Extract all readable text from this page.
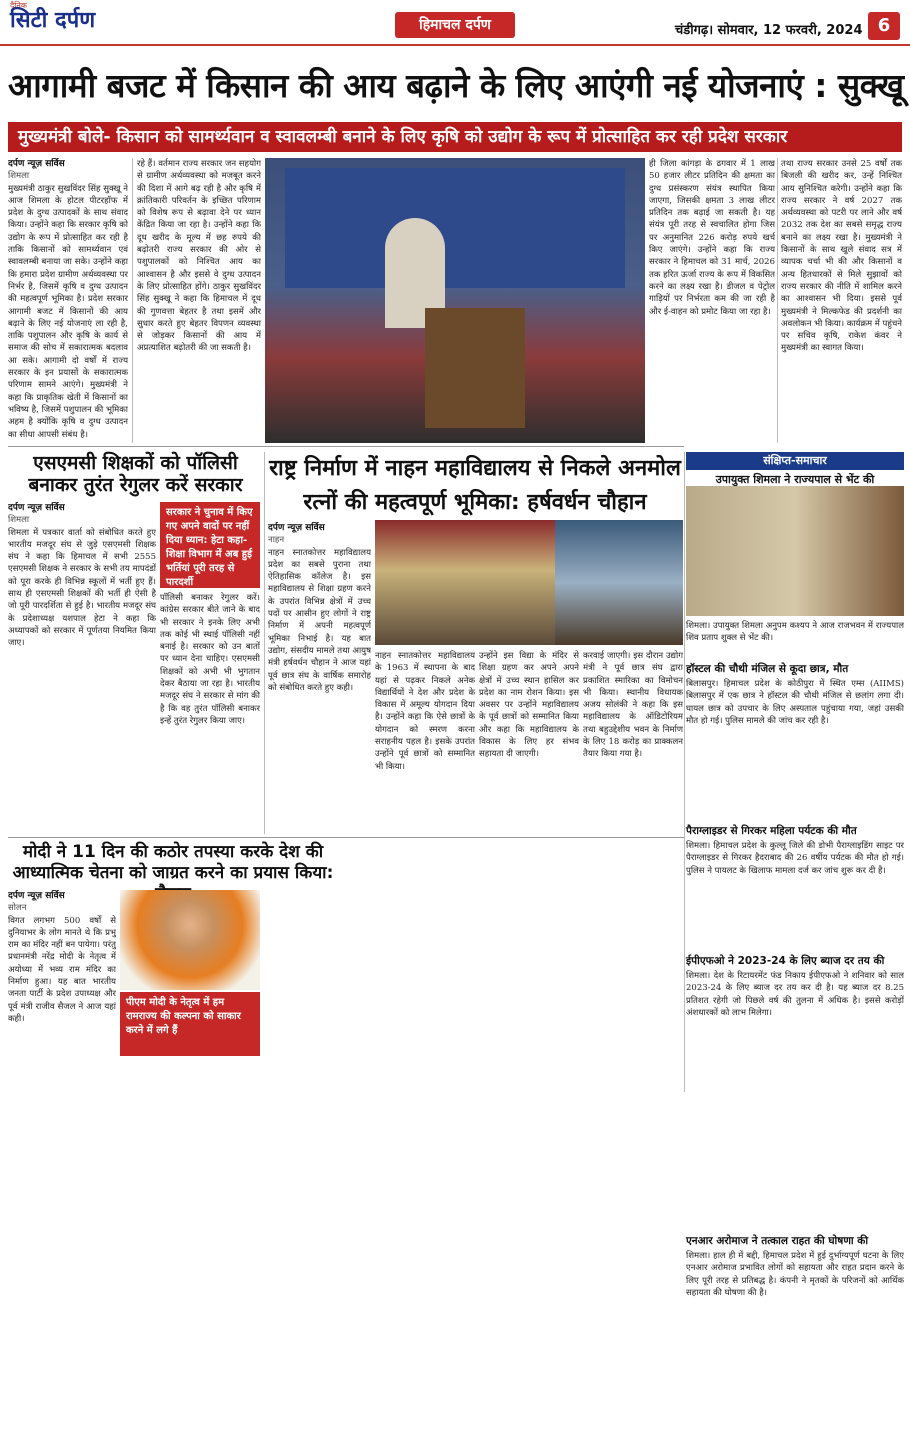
दैनिक
सिटी दर्पण	हिमाचल दर्पण	चंडीगढ़। सोमवार, 12 फरवरी, 2024 6
आगामी बजट में किसान की आय बढ़ाने के लिए आएंगी नई योजनाएं : सुक्खू
मुख्यमंत्री बोले- किसान को सामर्थ्यवान व स्वावलम्बी बनाने के लिए कृषि को उद्योग के रूप में प्रोत्साहित कर रही प्रदेश सरकार
दर्पण न्यूज़ सर्विस
शिमला
मुख्यमंत्री ठाकुर सुखविंदर सिंह सुक्खू ने आज शिमला के होटल पीटरहॉफ में प्रदेश के दुग्ध उत्पादकों के साथ संवाद किया। उन्होंने कहा कि सरकार कृषि को उद्योग के रूप में प्रोत्साहित कर रही है ताकि किसानों को सामर्थ्यवान एवं स्वावलम्बी बनाया जा सके। उन्होंने कहा कि हमारा प्रदेश ग्रामीण अर्थव्यवस्था पर निर्भर है, जिसमें कृषि व दुग्ध उत्पादन की महत्वपूर्ण भूमिका है। प्रदेश सरकार आगामी बजट में किसानों की आय बढ़ाने के लिए नई योजनाएं ला रही है, ताकि पशुपालन और कृषि के कार्य से समाज की सोच में सकारात्मक बदलाव आ सके। आगामी दो वर्षों में राज्य सरकार के इन प्रयासों के सकारात्मक परिणाम सामने आएंगे। मुख्यमंत्री ने कहा कि प्राकृतिक खेती में किसानों का भविष्य है, जिसमें पशुपालन की भूमिका अहम है क्योंकि कृषि व दुग्ध उत्पादन का सीधा आपसी संबंध है।
रहे हैं। वर्तमान राज्य सरकार जन सहयोग से ग्रामीण अर्थव्यवस्था को मजबूत करने की दिशा में आगे बढ़ रही है और कृषि में क्रांतिकारी परिवर्तन के इच्छित परिणाम को विशेष रूप से बढ़ावा देने पर ध्यान केंद्रित किया जा रहा है। उन्होंने कहा कि दूध खरीद के मूल्य में छह रुपये की बढ़ोतरी राज्य सरकार की ओर से पशुपालकों को निश्चित आय का आश्वासन है और इससे वे दुग्ध उत्पादन के लिए प्रोत्साहित होंगे। ठाकुर सुखविंदर सिंह सुक्खू ने कहा कि हिमाचल में दूध की गुणवत्ता बेहतर है तथा इसमें और सुधार करते हुए बेहतर विपणन व्यवस्था से जोड़कर किसानों की आय में अप्रत्याशित बढ़ोतरी की जा सकती है।
ही जिला कांगड़ा के ढगवार में 1 लाख 50 हजार लीटर प्रतिदिन की क्षमता का दुग्ध प्रसंस्करण संयंत्र स्थापित किया जाएगा, जिसकी क्षमता 3 लाख लीटर प्रतिदिन तक बढ़ाई जा सकती है। यह संयंत्र पूरी तरह से स्वचालित होगा जिस पर अनुमानित 226 करोड़ रुपये खर्च किए जाएंगे। उन्होंने कहा कि राज्य सरकार ने हिमाचल को 31 मार्च, 2026 तक हरित ऊर्जा राज्य के रूप में विकसित करने का लक्ष्य रखा है। डीजल व पेट्रोल गाड़ियों पर निर्भरता कम की जा रही है और ई-वाहन को प्रमोट किया जा रहा है।
तथा राज्य सरकार उनसे 25 वर्षों तक बिजली की खरीद कर, उन्हें निश्चित आय सुनिश्चित करेगी। उन्होंने कहा कि राज्य सरकार ने वर्ष 2027 तक अर्थव्यवस्था को पटरी पर लाने और वर्ष 2032 तक देश का सबसे समृद्ध राज्य बनाने का लक्ष्य रखा है। मुख्यमंत्री ने किसानों के साथ खुले संवाद सत्र में व्यापक चर्चा भी की और किसानों व अन्य हितधारकों से मिले सुझावों को राज्य सरकार की नीति में शामिल करने का आश्वासन भी दिया। इससे पूर्व मुख्यमंत्री ने मिल्कफेड की प्रदर्शनी का अवलोकन भी किया। कार्यक्रम में पहुंचने पर सचिव कृषि, राकेश कंवर ने मुख्यमंत्री का स्वागत किया।
एसएमसी शिक्षकों को पॉलिसी बनाकर तुरंत रेगुलर करें सरकार
दर्पण न्यूज़ सर्विस
शिमला
शिमला में पत्रकार वार्ता को संबोधित करते हुए भारतीय मजदूर संघ से जुड़े एसएमसी शिक्षक संघ ने कहा कि हिमाचल में सभी 2555 एसएमसी शिक्षक ने सरकार के सभी तय मापदंडों को पूरा करके ही विभिन्न स्कूलों में भर्ती हुए हैं। साथ ही एसएमसी शिक्षकों की भर्ती ही ऐसी है जो पूरी पारदर्शिता से हुई है। भारतीय मजदूर संघ के प्रदेशाध्यक्ष यशपाल हेटा ने कहा कि अध्यापकों को सरकार में पूर्णतया नियमित किया जाए।
सरकार ने चुनाव में किए गए अपने वादों पर नहीं दिया ध्यान: हेटा कहा- शिक्षा विभाग में अब हुई भर्तियां पूरी तरह से पारदर्शी
पॉलिसी बनाकर रेगुलर करें। कांग्रेस सरकार बीते जाने के बाद भी सरकार ने इनके लिए अभी तक कोई भी स्थाई पॉलिसी नहीं बनाई है। सरकार को उन बातों पर ध्यान देना चाहिए। एसएमसी शिक्षकों को अभी भी भुगतान देकर बैठाया जा रहा है। भारतीय मजदूर संघ ने सरकार से मांग की है कि वह तुरंत पॉलिसी बनाकर इन्हें तुरंत रेगुलर किया जाए।
राष्ट्र निर्माण में नाहन महाविद्यालय से निकले अनमोल रत्नों की महत्वपूर्ण भूमिका: हर्षवर्धन चौहान
दर्पण न्यूज़ सर्विस
नाहन
नाहन स्नातकोत्तर महाविद्यालय प्रदेश का सबसे पुराना तथा ऐतिहासिक कॉलेज है। इस महाविद्यालय से शिक्षा ग्रहण करने के उपरांत विभिन्न क्षेत्रों में उच्च पदों पर आसीन हुए लोगों ने राष्ट्र निर्माण में अपनी महत्वपूर्ण भूमिका निभाई है। यह बात उद्योग, संसदीय मामले तथा आयुष मंत्री हर्षवर्धन चौहान ने आज यहां पूर्व छात्र संघ के वार्षिक समारोह को संबोधित करते हुए कही।
नाहन स्नातकोत्तर महाविद्यालय के 1963 में स्थापना के बाद यहां से पढ़कर निकले अनेक विद्यार्थियों ने देश और प्रदेश के विकास में अमूल्य योगदान दिया है। उन्होंने कहा कि ऐसे छात्रों के योगदान को स्मरण करना सराहनीय पहल है। इसके उपरांत उन्होंने पूर्व छात्रों को सम्मानित भी किया।
उन्होंने इस विद्या के मंदिर से शिक्षा ग्रहण कर अपने अपने क्षेत्रों में उच्च स्थान हासिल कर प्रदेश का नाम रोशन किया। इस अवसर पर उन्होंने महाविद्यालय के पूर्व छात्रों को सम्मानित किया और कहा कि महाविद्यालय के विकास के लिए हर संभव सहायता दी जाएगी।
करवाई जाएगी। इस दौरान उद्योग मंत्री ने पूर्व छात्र संघ द्वारा प्रकाशित स्मारिका का विमोचन भी किया। स्थानीय विधायक अजय सोलंकी ने कहा कि इस महाविद्यालय के ऑडिटोरियम तथा बहुउद्देशीय भवन के निर्माण के लिए 18 करोड़ का प्राक्कलन तैयार किया गया है।
संक्षिप्त-समाचार
उपायुक्त शिमला ने राज्यपाल से भेंट की
शिमला। उपायुक्त शिमला अनुपम कश्यप ने आज राजभवन में राज्यपाल शिव प्रताप शुक्ल से भेंट की।
हॉस्टल की चौथी मंजिल से कूदा छात्र, मौत
बिलासपुर। हिमाचल प्रदेश के कोठीपुरा में स्थित एम्स (AIIMS) बिलासपुर में एक छात्र ने हॉस्टल की चौथी मंजिल से छलांग लगा दी। घायल छात्र को उपचार के लिए अस्पताल पहुंचाया गया, जहां उसकी मौत हो गई। पुलिस मामले की जांच कर रही है।
पैराग्लाइडर से गिरकर महिला पर्यटक की मौत
शिमला। हिमाचल प्रदेश के कुल्लू जिले की डोभी पैराग्लाइडिंग साइट पर पैराग्लाइडर से गिरकर हैदराबाद की 26 वर्षीय पर्यटक की मौत हो गई। पुलिस ने पायलट के खिलाफ मामला दर्ज कर जांच शुरू कर दी है।
ईपीएफओ ने 2023-24 के लिए ब्याज दर तय की
शिमला। देश के रिटायरमेंट फंड निकाय ईपीएफओ ने शनिवार को साल 2023-24 के लिए ब्याज दर तय कर दी है। यह ब्याज दर 8.25 प्रतिशत रहेगी जो पिछले वर्ष की तुलना में अधिक है। इससे करोड़ों अंशधारकों को लाभ मिलेगा।
एनआर अरोमाज ने तत्काल राहत की घोषणा की
शिमला। हाल ही में बद्दी, हिमाचल प्रदेश में हुई दुर्भाग्यपूर्ण घटना के लिए एनआर अरोमाज प्रभावित लोगों को सहायता और राहत प्रदान करने के लिए पूरी तरह से प्रतिबद्ध है। कंपनी ने मृतकों के परिजनों को आर्थिक सहायता की घोषणा की है।
मोदी ने 11 दिन की कठोर तपस्या करके देश की आध्यात्मिक चेतना को जाग्रत करने का प्रयास किया:
दर्पण न्यूज़ सर्विस
सोलन
विगत लगभग 500 वर्षों से दुनियाभर के लोग मानते थे कि प्रभु राम का मंदिर नहीं बन पायेगा। परंतु प्रधानमंत्री नरेंद्र मोदी के नेतृत्व में अयोध्या में भव्य राम मंदिर का निर्माण हुआ। यह बात भारतीय जनता पार्टी के प्रदेश उपाध्यक्ष और पूर्व मंत्री राजीव सैजल ने आज यहां कही।
पीएम मोदी के नेतृत्व में हम रामराज्य की कल्पना को साकार करने में लगे हैं
